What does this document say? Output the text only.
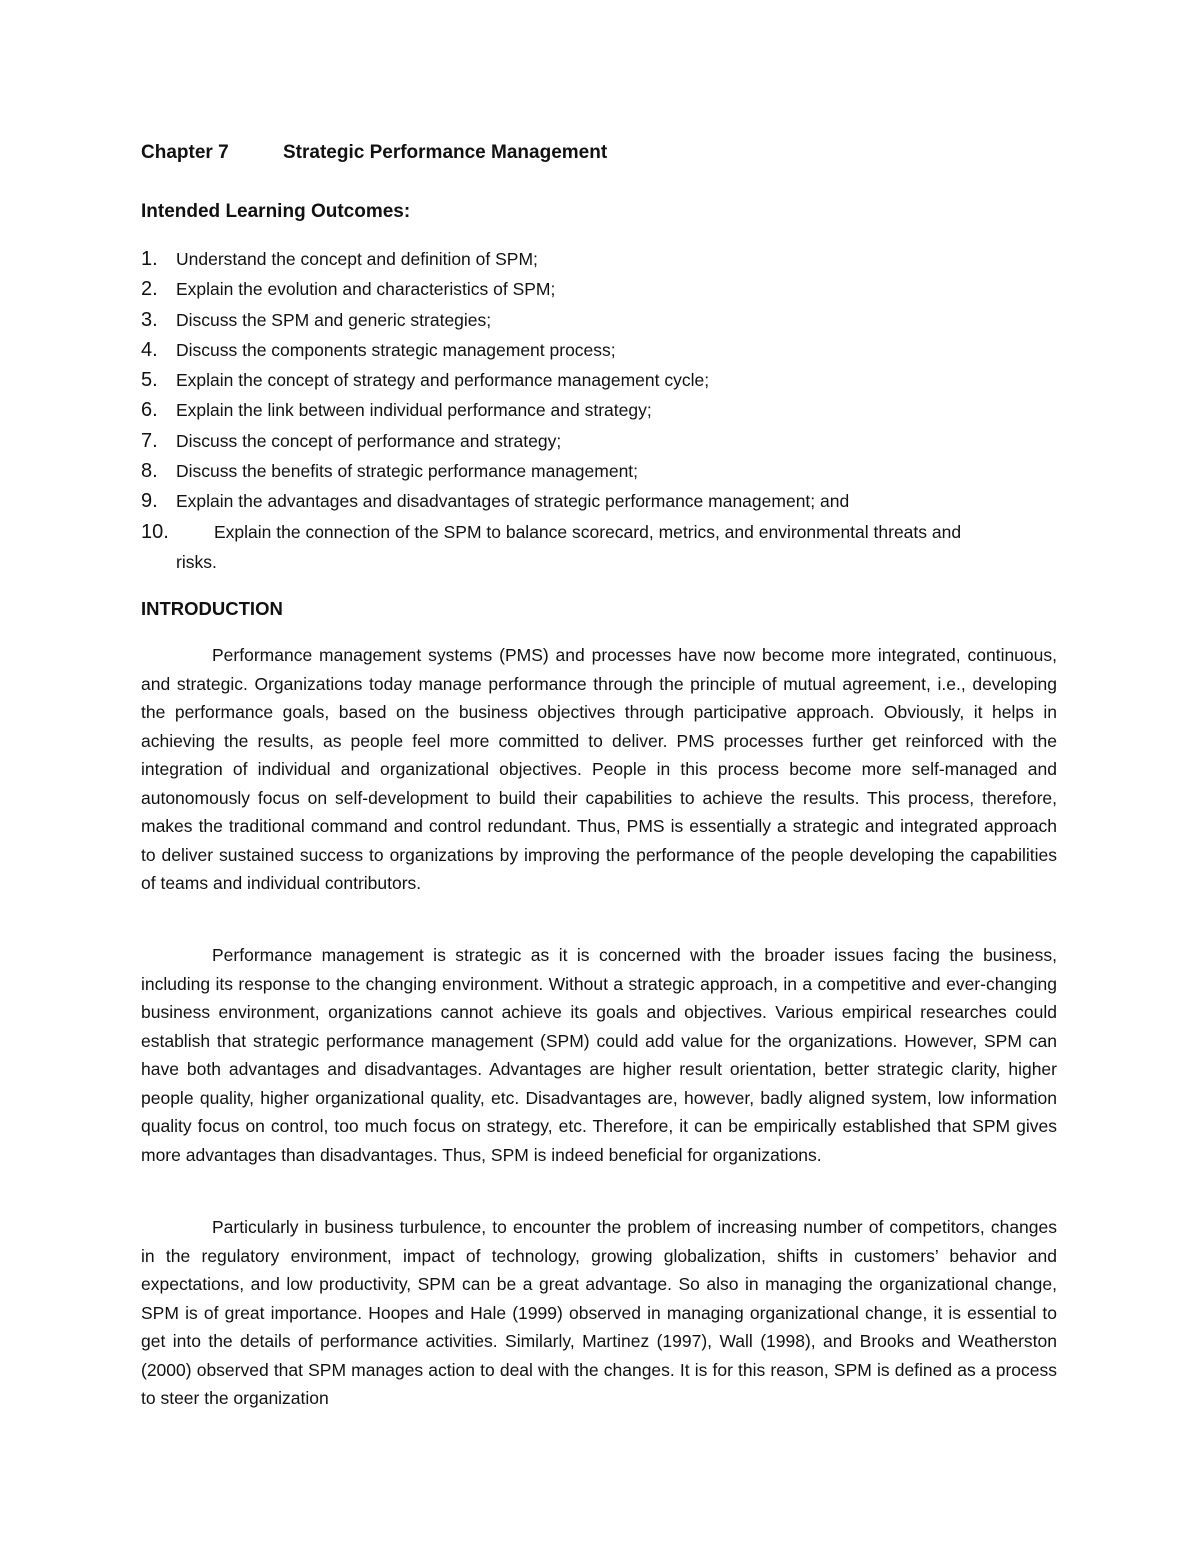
Chapter 7	Strategic Performance Management
Intended Learning Outcomes:
1. Understand the concept and definition of SPM;
2. Explain the evolution and characteristics of SPM;
3. Discuss the SPM and generic strategies;
4. Discuss the components strategic management process;
5. Explain the concept of strategy and performance management cycle;
6. Explain the link between individual performance and strategy;
7. Discuss the concept of performance and strategy;
8. Discuss the benefits of strategic performance management;
9. Explain the advantages and disadvantages of strategic performance management; and
10.	Explain the connection of the SPM to balance scorecard, metrics, and environmental threats and
risks.
INTRODUCTION

Performance management systems (PMS) and processes have now become more integrated, continuous, and strategic. Organizations today manage performance through the principle of mutual agreement, i.e., developing the performance goals, based on the business objectives through participative approach. Obviously, it helps in achieving the results, as people feel more committed to deliver. PMS processes further get reinforced with the integration of individual and organizational objectives. People in this process become more self-managed and autonomously focus on self-development to build their capabilities to achieve the results. This process, therefore, makes the traditional command and control redundant. Thus, PMS is essentially a strategic and integrated approach to deliver sustained success to organizations by improving the performance of the people developing the capabilities of teams and individual contributors.

Performance management is strategic as it is concerned with the broader issues facing the business, including its response to the changing environment. Without a strategic approach, in a competitive and ever-changing business environment, organizations cannot achieve its goals and objectives. Various empirical researches could establish that strategic performance management (SPM) could add value for the organizations. However, SPM can have both advantages and disadvantages. Advantages are higher result orientation, better strategic clarity, higher people quality, higher organizational quality, etc. Disadvantages are, however, badly aligned system, low information quality focus on control, too much focus on strategy, etc. Therefore, it can be empirically established that SPM gives more advantages than disadvantages. Thus, SPM is indeed beneficial for organizations.

Particularly in business turbulence, to encounter the problem of increasing number of competitors, changes in the regulatory environment, impact of technology, growing globalization, shifts in customers’ behavior and expectations, and low productivity, SPM can be a great advantage. So also in managing the organizational change, SPM is of great importance. Hoopes and Hale (1999) observed in managing organizational change, it is essential to get into the details of performance activities. Similarly, Martinez (1997), Wall (1998), and Brooks and Weatherston (2000) observed that SPM manages action to deal with the changes. It is for this reason, SPM is defined as a process to steer the organization
